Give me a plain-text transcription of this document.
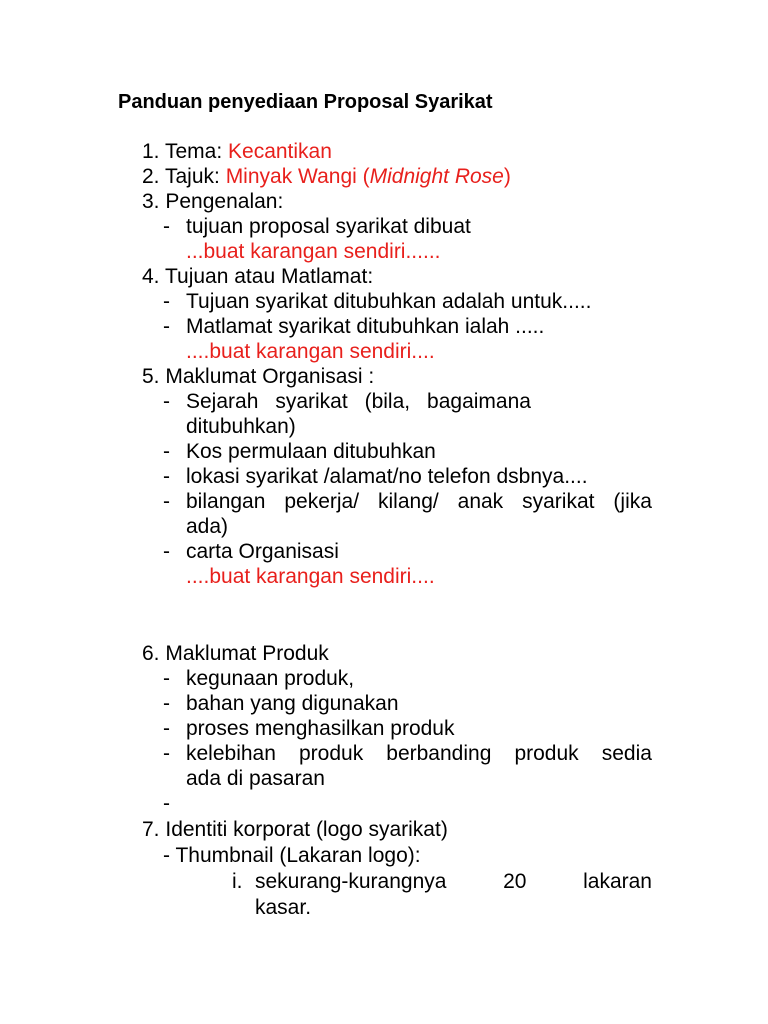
Panduan penyediaan Proposal Syarikat
1. Tema: Kecantikan
2. Tajuk: Minyak Wangi (Midnight Rose)
3. Pengenalan:
- tujuan proposal syarikat dibuat
...buat karangan sendiri......
4. Tujuan atau Matlamat:
- Tujuan syarikat ditubuhkan adalah untuk.....
- Matlamat syarikat ditubuhkan ialah .....
....buat karangan sendiri....
5. Maklumat Organisasi :
- Sejarah syarikat (bila, bagaimana
ditubuhkan)
- Kos permulaan ditubuhkan
- lokasi syarikat /alamat/no telefon dsbnya....
- bilangan pekerja/ kilang/ anak syarikat (jika
ada)
- carta Organisasi
....buat karangan sendiri....
6. Maklumat Produk
- kegunaan produk,
- bahan yang digunakan
- proses menghasilkan produk
- kelebihan produk berbanding produk sedia
ada di pasaran
-
7. Identiti korporat (logo syarikat)
- Thumbnail (Lakaran logo):
i. sekurang-kurangnya	20	lakaran
kasar.
